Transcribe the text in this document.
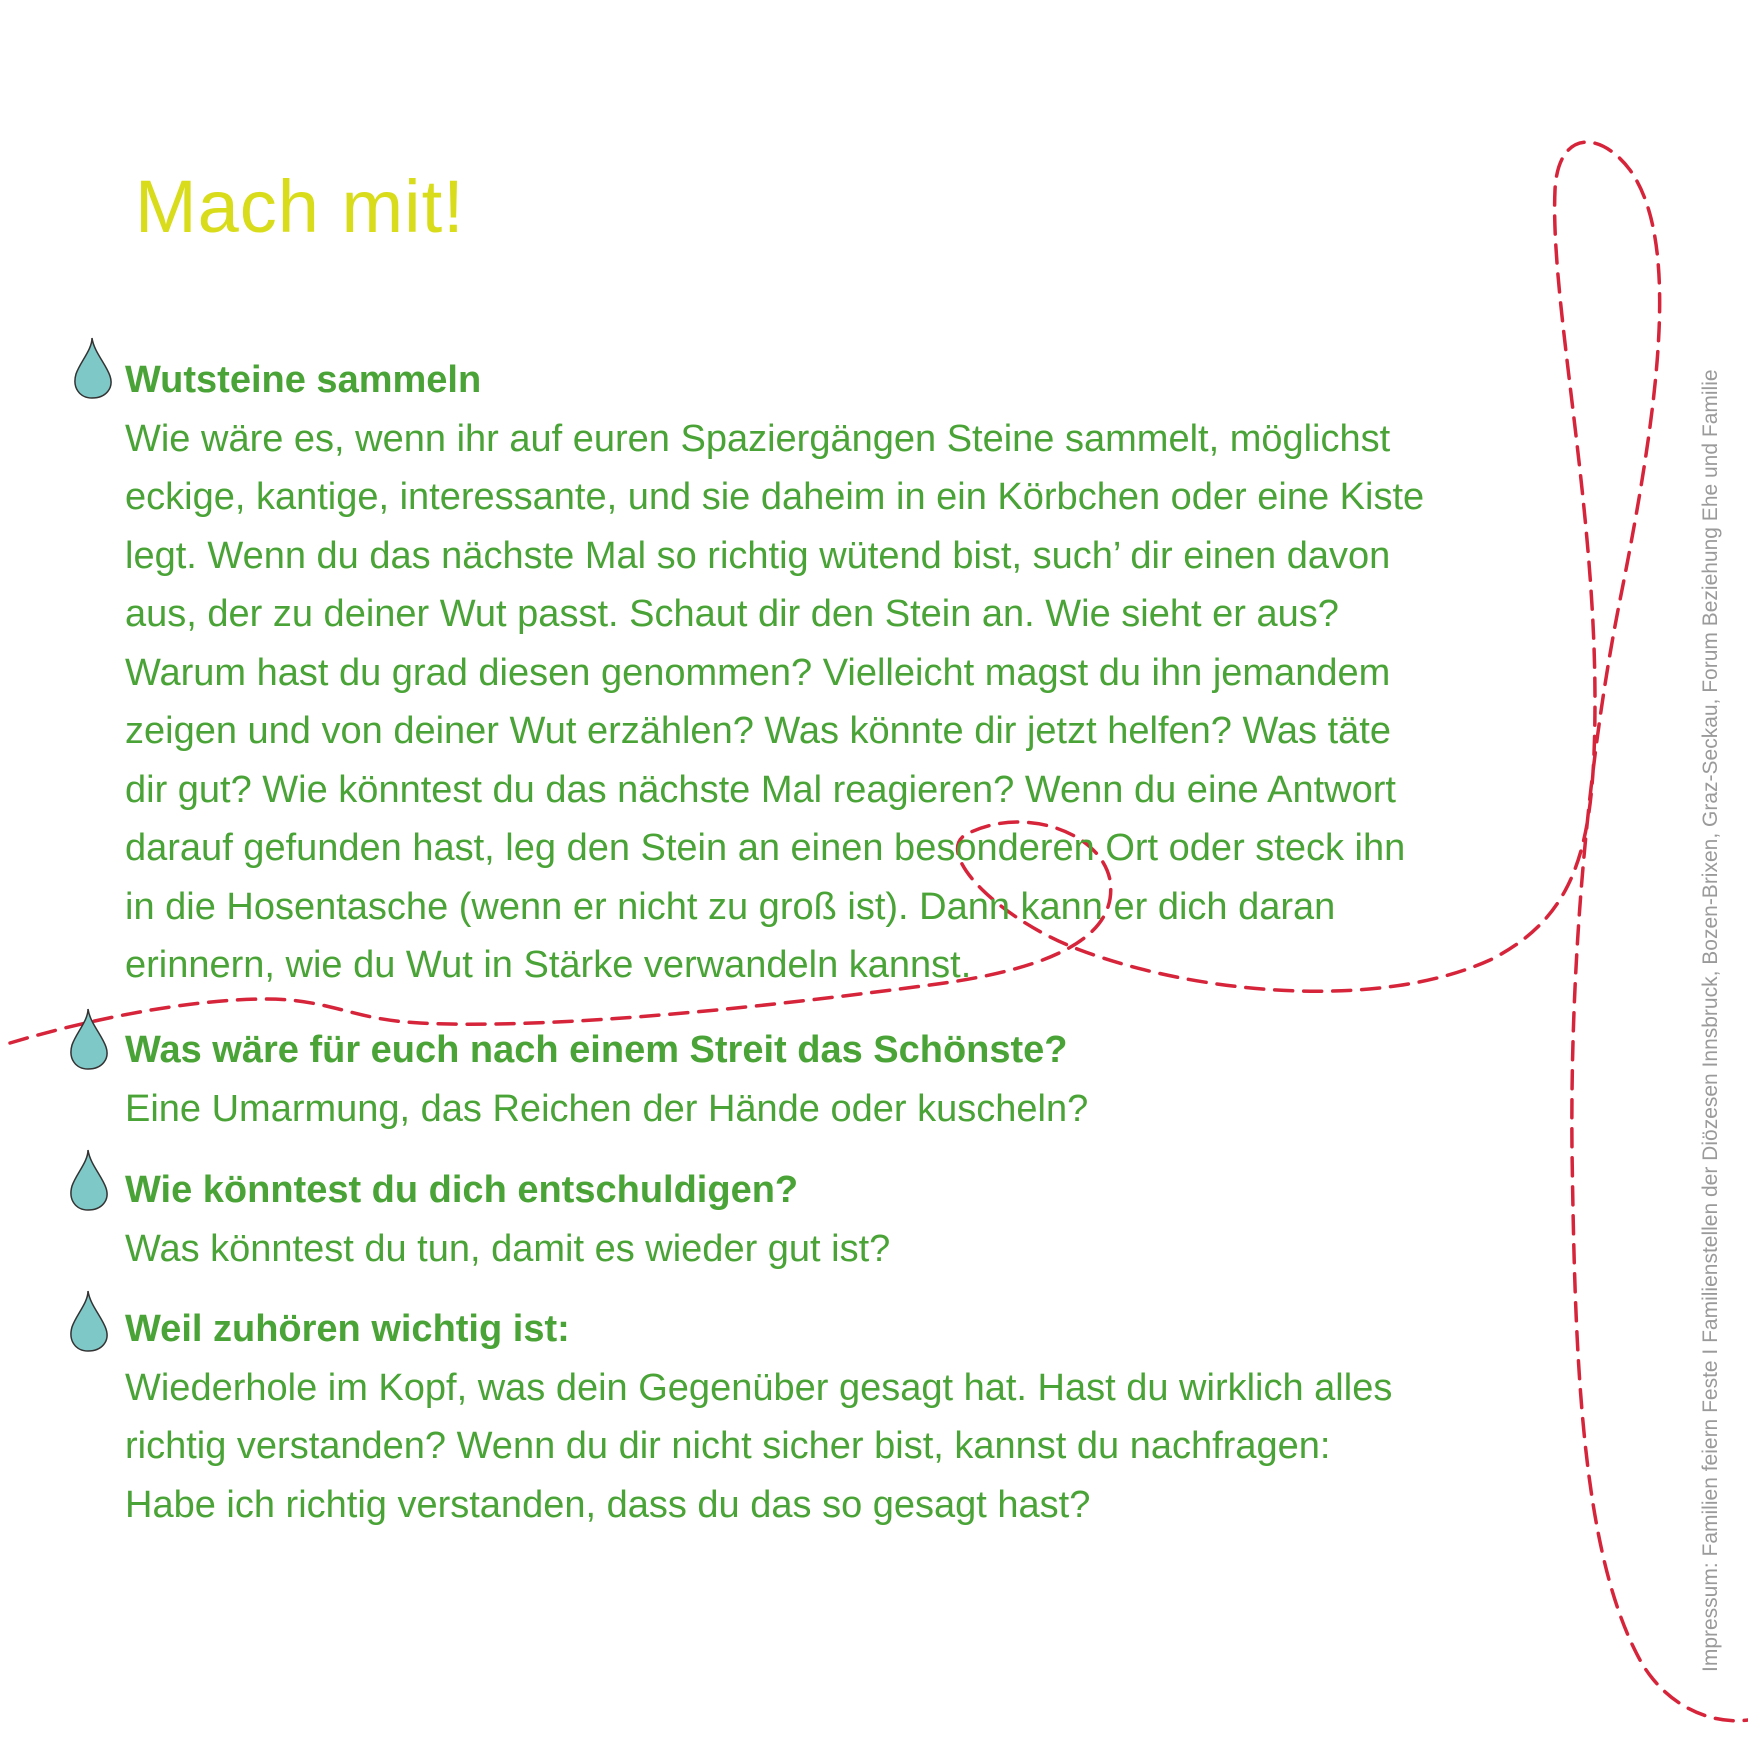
Mach mit!
Wutsteine sammeln
Wie wäre es, wenn ihr auf euren Spaziergängen Steine sammelt, möglichst
eckige, kantige, interessante, und sie daheim in ein Körbchen oder eine Kiste
legt. Wenn du das nächste Mal so richtig wütend bist, such’ dir einen davon
aus, der zu deiner Wut passt. Schaut dir den Stein an. Wie sieht er aus?
Warum hast du grad diesen genommen? Vielleicht magst du ihn jemandem
zeigen und von deiner Wut erzählen? Was könnte dir jetzt helfen? Was täte
dir gut? Wie könntest du das nächste Mal reagieren? Wenn du eine Antwort
darauf gefunden hast, leg den Stein an einen besonderen Ort oder steck ihn
in die Hosentasche (wenn er nicht zu groß ist). Dann kann er dich daran
erinnern, wie du Wut in Stärke verwandeln kannst.
Was wäre für euch nach einem Streit das Schönste?
Eine Umarmung, das Reichen der Hände oder kuscheln?
Wie könntest du dich entschuldigen?
Was könntest du tun, damit es wieder gut ist?
Weil zuhören wichtig ist:
Wiederhole im Kopf, was dein Gegenüber gesagt hat. Hast du wirklich alles
richtig verstanden? Wenn du dir nicht sicher bist, kannst du nachfragen:
Habe ich richtig verstanden, dass du das so gesagt hast?	Impressum: Familien feiern Feste I Familienstellen der Diözesen Innsbruck, Bozen-Brixen, Graz-Seckau, Forum Beziehung Ehe und Familie
